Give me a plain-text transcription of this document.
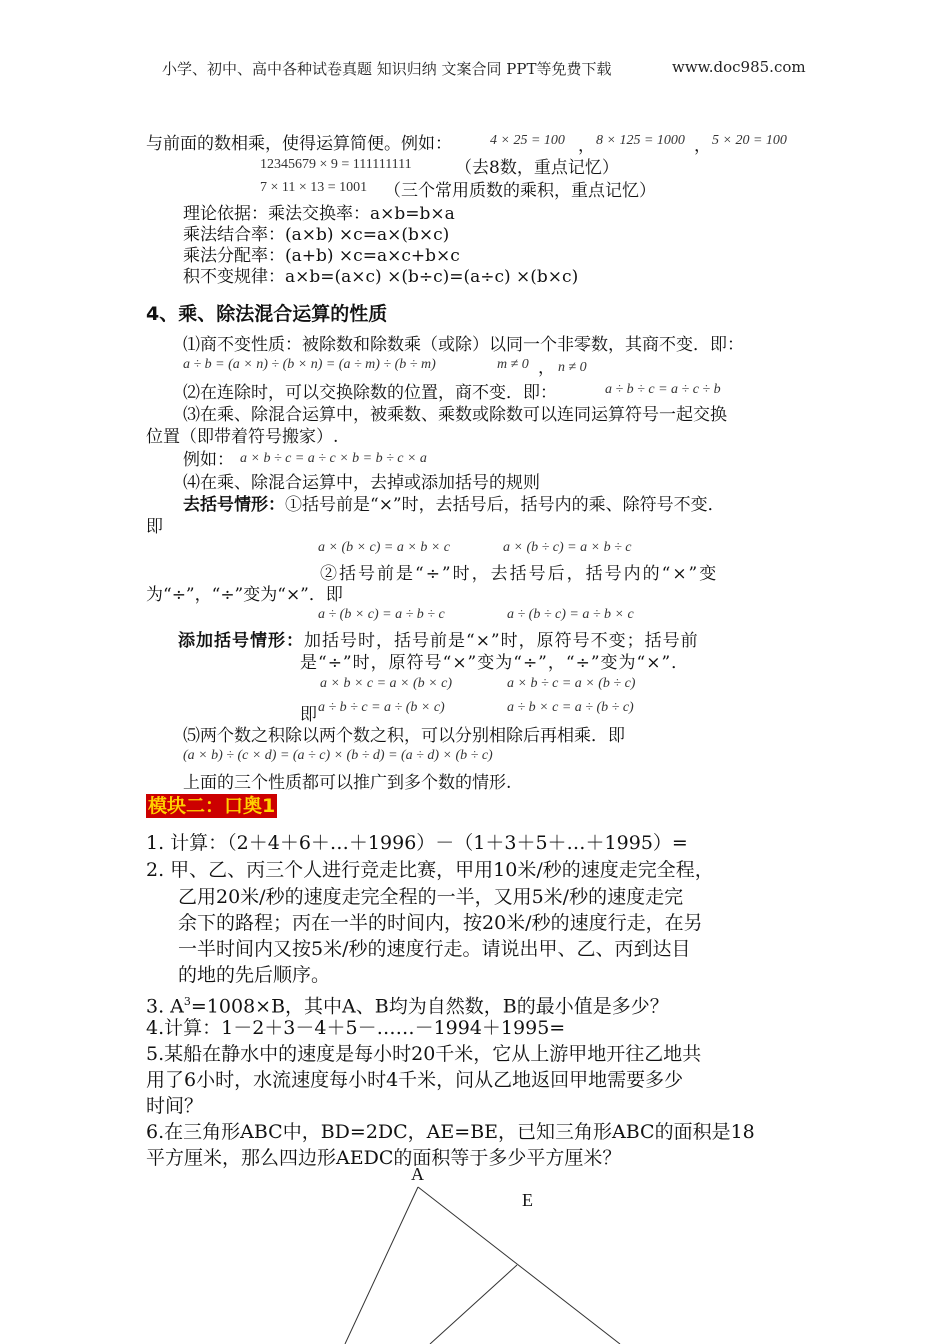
小学、初中、高中各种试卷真题 知识归纳 文案合同 PPT等免费下载	www.doc985.com
与前面的数相乘，使得运算简便。例如：	4 × 25 = 100 ， 8 × 125 = 1000 ， 5 × 20 = 100
12345679 × 9 = 111111111	（去8数，重点记忆）
7 × 11 × 13 = 1001 （三个常用质数的乘积，重点记忆）
理论依据：乘法交换率：a×b=b×a
乘法结合率：(a×b) ×c=a×(b×c)
乘法分配率：(a+b) ×c=a×c+b×c
积不变规律：a×b=(a×c) ×(b÷c)=(a÷c) ×(b×c)
4、乘、除法混合运算的性质
⑴商不变性质：被除数和除数乘（或除）以同一个非零数，其商不变．即：
a ÷ b = (a × n) ÷ (b × n) = (a ÷ m) ÷ (b ÷ m)	m ≠ 0 ， n ≠ 0
⑵在连除时，可以交换除数的位置，商不变．即：	a ÷ b ÷ c = a ÷ c ÷ b
⑶在乘、除混合运算中，被乘数、乘数或除数可以连同运算符号一起交换
位置（即带着符号搬家）.
例如： a × b ÷ c = a ÷ c × b = b ÷ c × a
⑷在乘、除混合运算中，去掉或添加括号的规则
去括号情形：①括号前是“×”时，去括号后，括号内的乘、除符号不变．
即
a × (b × c) = a × b × c	a × (b ÷ c) = a × b ÷ c
②括号前是“÷”时，去括号后，括号内的“×”变
为“÷”，“÷”变为“×”．即
a ÷ (b × c) = a ÷ b ÷ c	a ÷ (b ÷ c) = a ÷ b × c
添加括号情形：加括号时，括号前是“×”时，原符号不变；括号前
是“÷”时，原符号“×”变为“÷”，“÷”变为“×”．
a × b × c = a × (b × c)	a × b ÷ c = a × (b ÷ c)
即 a ÷ b ÷ c = a ÷ (b × c)	a ÷ b × c = a ÷ (b ÷ c)
⑸两个数之积除以两个数之积，可以分别相除后再相乘．即
(a × b) ÷ (c × d) = (a ÷ c) × (b ÷ d) = (a ÷ d) × (b ÷ c)
上面的三个性质都可以推广到多个数的情形.
模块二：口奥1
1. 计算：（2＋4＋6＋…＋1996）－（1＋3＋5＋…＋1995）=
2. 甲、乙、丙三个人进行竞走比赛，甲用10米/秒的速度走完全程，
乙用20米/秒的速度走完全程的一半，又用5米/秒的速度走完
余下的路程；丙在一半的时间内，按20米/秒的速度行走，在另
一半时间内又按5米/秒的速度行走。请说出甲、乙、丙到达目
的地的先后顺序。
3. $A^3=1008\times B$，其中A、B均为自然数，B的最小值是多少？
4.计算：1－2＋3－4＋5－……－1994＋1995=
5.某船在静水中的速度是每小时20千米，它从上游甲地开往乙地共
用了6小时，水流速度每小时4千米，问从乙地返回甲地需要多少
时间？
6.在三角形ABC中，BD=2DC，AE=BE，已知三角形ABC的面积是18
平方厘米，那么四边形AEDC的面积等于多少平方厘米？
A
E
